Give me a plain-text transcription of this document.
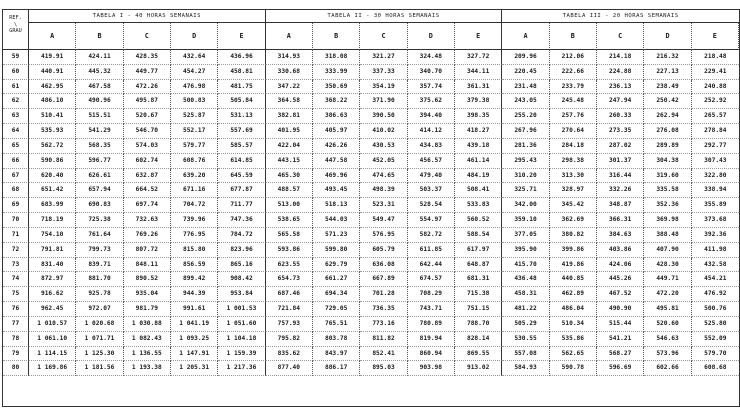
REF.
\
GRAU
TABELA I - 40 HORAS SEMANAIS	TABELA II - 30 HORAS SEMANAIS	TABELA III - 20 HORAS SEMANAIS
A	B	C	D	E	A	B	C	D	E	A	B	C	D	E
59	419.91	424.11	428.35	432.64	436.96	314.93	318.08	321.27	324.48	327.72	209.96	212.06	214.18	216.32	218.48
60	440.91	445.32	449.77	454.27	458.81	330.68	333.99	337.33	340.70	344.11	220.45	222.66	224.88	227.13	229.41
61	462.95	467.58	472.26	476.98	481.75	347.22	350.69	354.19	357.74	361.31	231.48	233.79	236.13	238.49	240.88
62	486.10	490.96	495.87	500.83	505.84	364.58	368.22	371.90	375.62	379.38	243.05	245.48	247.94	250.42	252.92
63	510.41	515.51	520.67	525.87	531.13	382.81	386.63	390.50	394.40	398.35	255.20	257.76	260.33	262.94	265.57
64	535.93	541.29	546.70	552.17	557.69	401.95	405.97	410.02	414.12	418.27	267.96	270.64	273.35	276.08	278.84
65	562.72	568.35	574.03	579.77	585.57	422.04	426.26	430.53	434.83	439.18	281.36	284.18	287.02	289.89	292.77
66	590.86	596.77	602.74	608.76	614.85	443.15	447.58	452.05	456.57	461.14	295.43	298.38	301.37	304.38	307.43
67	620.40	626.61	632.87	639.20	645.59	465.30	469.96	474.65	479.40	484.19	310.20	313.30	316.44	319.60	322.80
68	651.42	657.94	664.52	671.16	677.87	488.57	493.45	498.39	503.37	508.41	325.71	328.97	332.26	335.58	338.94
69	683.99	690.83	697.74	704.72	711.77	513.00	518.13	523.31	528.54	533.83	342.00	345.42	348.87	352.36	355.89
70	718.19	725.38	732.63	739.96	747.36	538.65	544.03	549.47	554.97	560.52	359.10	362.69	366.31	369.98	373.68
71	754.10	761.64	769.26	776.95	784.72	565.58	571.23	576.95	582.72	588.54	377.05	380.82	384.63	388.48	392.36
72	791.81	799.73	807.72	815.80	823.96	593.86	599.80	605.79	611.85	617.97	395.90	399.86	403.86	407.90	411.98
73	831.40	839.71	848.11	856.59	865.16	623.55	629.79	636.08	642.44	648.87	415.70	419.86	424.06	428.30	432.58
74	872.97	881.70	890.52	899.42	908.42	654.73	661.27	667.89	674.57	681.31	436.48	440.85	445.26	449.71	454.21
75	916.62	925.78	935.04	944.39	953.84	687.46	694.34	701.28	708.29	715.38	458.31	462.89	467.52	472.20	476.92
76	962.45	972.07	981.79	991.61	1 001.53	721.84	729.05	736.35	743.71	751.15	481.22	486.04	490.90	495.81	500.76
77	1 010.57	1 020.68	1 030.88	1 041.19	1 051.60	757.93	765.51	773.16	780.89	788.70	505.29	510.34	515.44	520.60	525.80
78	1 061.10	1 071.71	1 082.43	1 093.25	1 104.18	795.82	803.78	811.82	819.94	828.14	530.55	535.86	541.21	546.63	552.09
79	1 114.15	1 125.30	1 136.55	1 147.91	1 159.39	835.62	843.97	852.41	860.94	869.55	557.08	562.65	568.27	573.96	579.70
80	1 169.86	1 181.56	1 193.38	1 205.31	1 217.36	877.40	886.17	895.03	903.98	913.02	584.93	590.78	596.69	602.66	608.68
